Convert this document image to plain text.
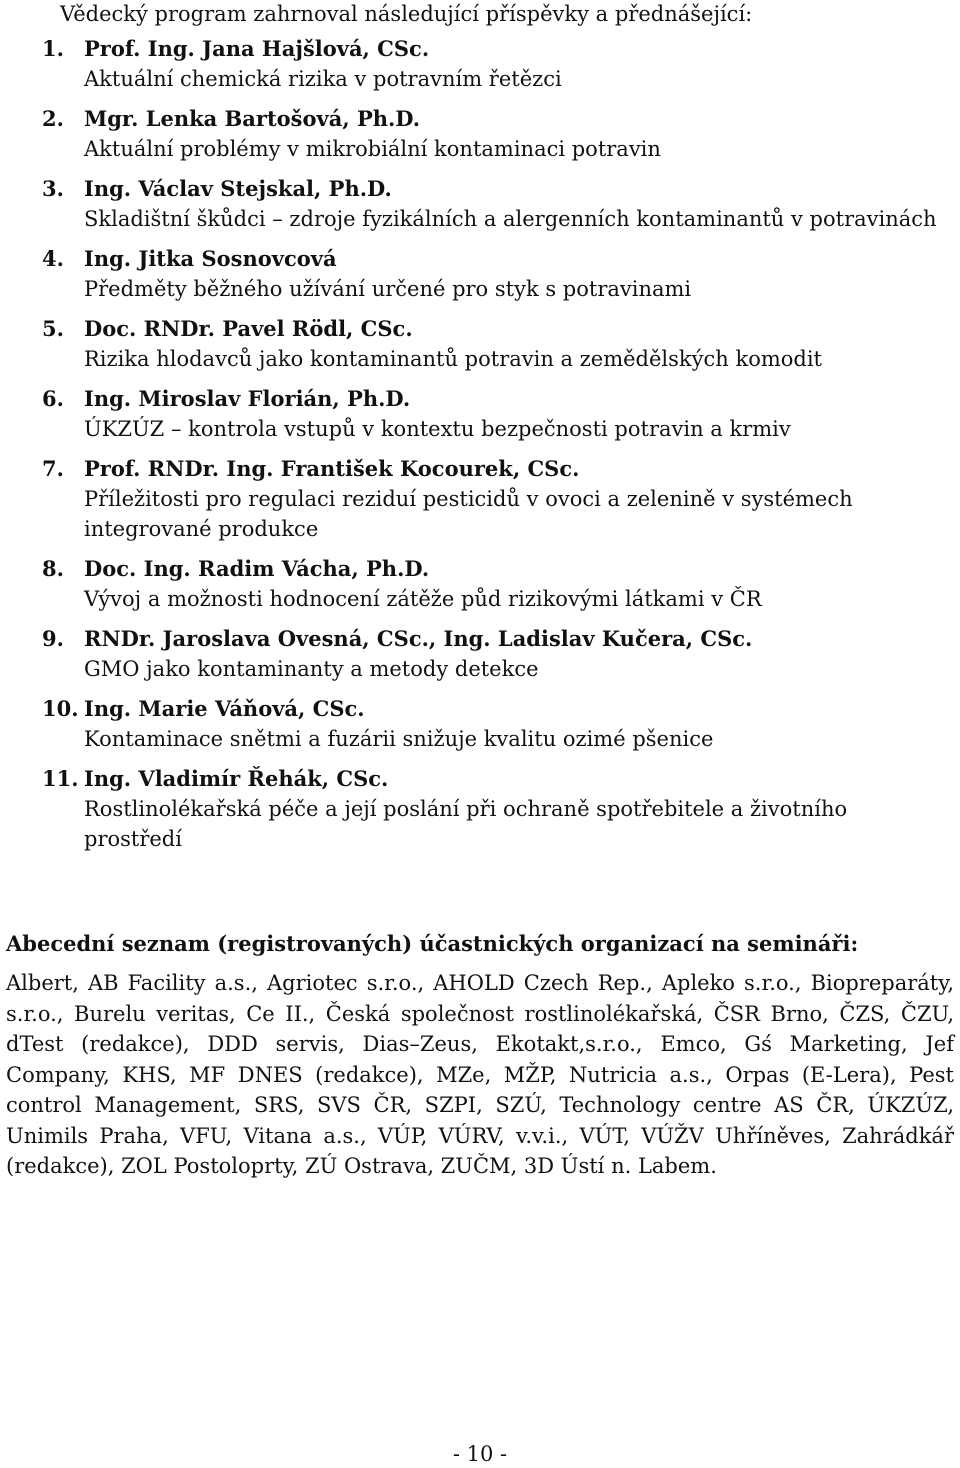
Vědecký program zahrnoval následující příspěvky a přednášející:
1. Prof. Ing. Jana Hajšlová, CSc.
Aktuální chemická rizika v potravním řetězci
2. Mgr. Lenka Bartošová, Ph.D.
Aktuální problémy v mikrobiální kontaminaci potravin
3. Ing. Václav Stejskal, Ph.D.
Skladištní škůdci – zdroje fyzikálních a alergenních kontaminantů v potravinách
4. Ing. Jitka Sosnovcová
Předměty běžného užívání určené pro styk s potravinami
5. Doc. RNDr. Pavel Rödl, CSc.
Rizika hlodavců jako kontaminantů potravin a zemědělských komodit
6. Ing. Miroslav Florián, Ph.D.
ÚKZÚZ – kontrola vstupů v kontextu bezpečnosti potravin a krmiv
7. Prof. RNDr. Ing. František Kocourek, CSc.
Příležitosti pro regulaci reziduí pesticidů v ovoci a zelenině v systémech integrované produkce
8. Doc. Ing. Radim Vácha, Ph.D.
Vývoj a možnosti hodnocení zátěže půd rizikovými látkami v ČR
9. RNDr. Jaroslava Ovesná, CSc., Ing. Ladislav Kučera, CSc.
GMO jako kontaminanty a metody detekce
10. Ing. Marie Váňová, CSc.
Kontaminace snětmi a fuzárii snižuje kvalitu ozimé pšenice
11. Ing. Vladimír Řehák, CSc.
Rostlinolékařská péče a její poslání při ochraně spotřebitele a životního prostředí
Abecední seznam (registrovaných) účastnických organizací na semináři:

Albert, AB Facility a.s., Agriotec s.r.o., AHOLD Czech Rep., Apleko s.r.o., Biopreparáty, s.r.o., Burelu veritas, Ce II., Česká společnost rostlinolékařská, ČSR Brno, ČZS, ČZU, dTest (redakce), DDD servis, Dias–Zeus, Ekotakt,s.r.o., Emco, Gś Marketing, Jef Company, KHS, MF DNES (redakce), MZe, MŽP, Nutricia a.s., Orpas (E-Lera), Pest control Management, SRS, SVS ČR, SZPI, SZÚ, Technology centre AS ČR, ÚKZÚZ, Unimils Praha, VFU, Vitana a.s., VÚP, VÚRV, v.v.i., VÚT, VÚŽV Uhříněves, Zahrádkář (redakce), ZOL Postoloprty, ZÚ Ostrava, ZUČM, 3D Ústí n. Labem.

- 10 -
